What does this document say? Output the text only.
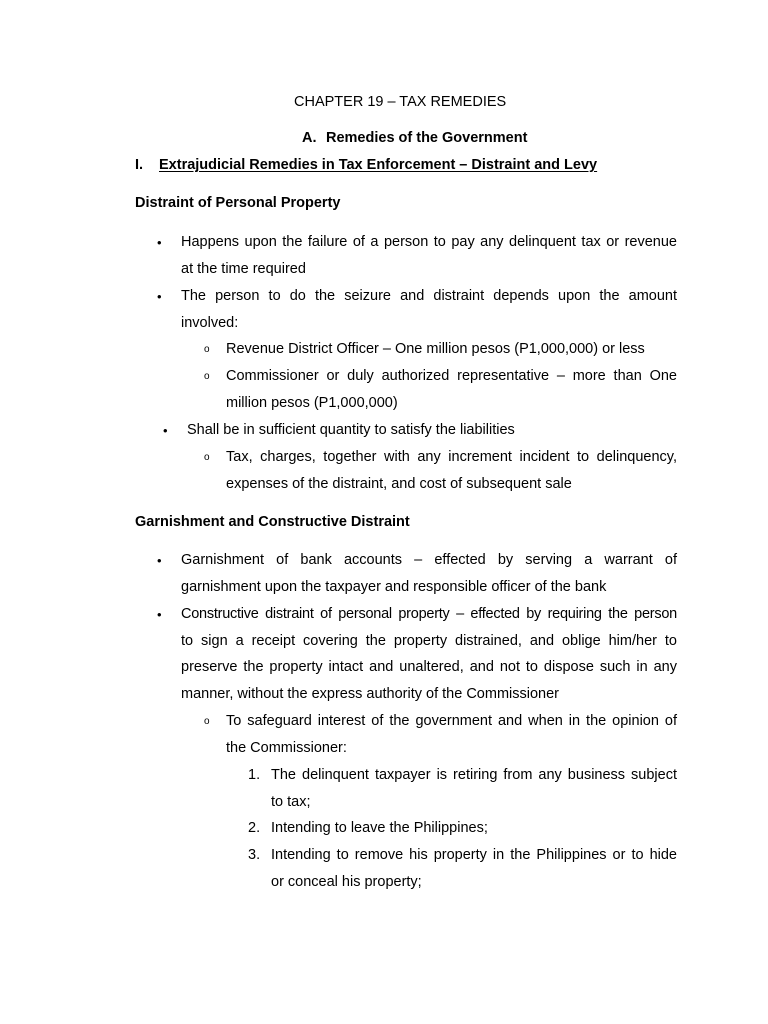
CHAPTER 19 – TAX REMEDIES
A. Remedies of the Government
I. Extrajudicial Remedies in Tax Enforcement – Distraint and Levy
Distraint of Personal Property
• Happens upon the failure of a person to pay any delinquent tax or revenue
at the time required
• The person to do the seizure and distraint depends upon the amount
involved:
o Revenue District Officer – One million pesos (P1,000,000) or less
o Commissioner or duly authorized representative – more than One
million pesos (P1,000,000)
• Shall be in sufficient quantity to satisfy the liabilities
o Tax, charges, together with any increment incident to delinquency,
expenses of the distraint, and cost of subsequent sale
Garnishment and Constructive Distraint
• Garnishment of bank accounts – effected by serving a warrant of
garnishment upon the taxpayer and responsible officer of the bank
• Constructive distraint of personal property – effected by requiring the person
to sign a receipt covering the property distrained, and oblige him/her to
preserve the property intact and unaltered, and not to dispose such in any
manner, without the express authority of the Commissioner
o To safeguard interest of the government and when in the opinion of
the Commissioner:
1. The delinquent taxpayer is retiring from any business subject
to tax;
2. Intending to leave the Philippines;
3. Intending to remove his property in the Philippines or to hide
or conceal his property;
